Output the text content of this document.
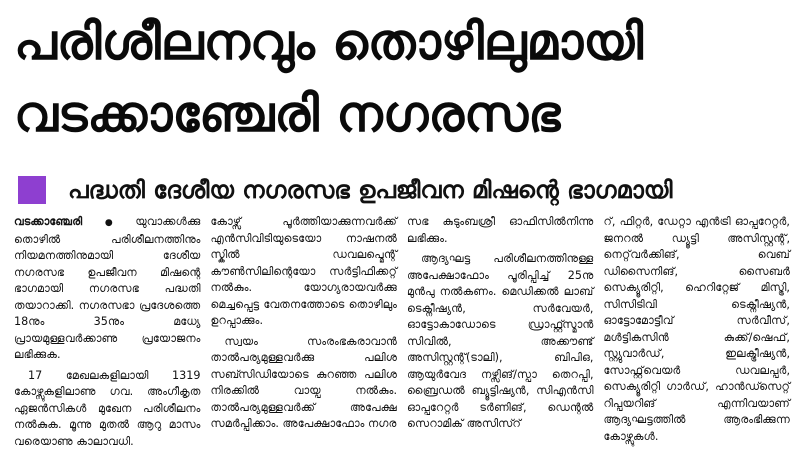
പരിശീലനവും തൊഴിലുമായി
വടക്കാഞ്ചേരി നഗരസഭ
പദ്ധതി ദേശീയ നഗരസഭ ഉപജീവന മിഷന്റെ ഭാഗമായി

വടക്കാഞ്ചേരി ● യുവാക്കൾക്കു തൊഴിൽ പരിശീലനത്തിനും നിയമനത്തിനുമായി ദേശീയ നഗരസഭ ഉപജീവന മിഷന്റെ ഭാഗമായി നഗരസഭ പദ്ധതി തയാറാക്കി. നഗരസഭാ പ്രദേശത്തെ 18നും 35നും മധ്യേ പ്രായമുള്ളവർക്കാണു പ്രയോജനം ലഭിക്കുക.

17 മേഖലകളിലായി 1319 കോഴ്സുകളിലാണു ഗവ. അംഗീകൃത ഏജൻസികൾ മുഖേന പരിശീലനം നൽകുക. മൂന്നു മുതൽ ആറു മാസം വരെയാണു കാലാവധി.

കോഴ്സ് പൂർത്തിയാക്കുന്നവർക്ക് എൻസിവിടിയുടെയോ നാഷനൽ സ്കിൽ ഡവലപ്മെന്റ് കൗൺസിലിന്റെയോ സർട്ടിഫിക്കറ്റ് നൽകും. യോഗ്യരായവർക്കു മെച്ചപ്പെട്ട വേതനത്തോടെ തൊഴിലും ഉറപ്പാക്കും.

സ്വയം സംരംഭകരാവാൻ താൽപര്യമുള്ളവർക്കു പലിശ സബ്സിഡിയോടെ കുറഞ്ഞ പലിശ നിരക്കിൽ വായ്പ നൽകും. താൽപര്യമുള്ളവർക്ക് അപേക്ഷ സമർപ്പിക്കാം. അപേക്ഷാഫോം നഗര

സഭ കുടുംബശ്രീ ഓഫിസിൽനിന്നു ലഭിക്കും.

ആദ്യഘട്ട പരിശീലനത്തിനുള്ള അപേക്ഷാഫോം പൂരിപ്പിച്ച് 25നു മുൻപു നൽകണം. മെഡിക്കൽ ലാബ് ടെക്നീഷ്യൻ, സർവേയർ, ഓട്ടോകാഡോടെ ഡ്രാഫ്റ്റ്സ്മാൻ സിവിൽ, അക്കൗണ്ട് അസിസ്റ്റന്റ്(ടാലി), ബിപിഒ, ആയുർവേദ നഴ്സിങ്/സ്പാ തെറപ്പി, ബ്രൈഡൽ ബ്യൂട്ടിഷ്യൻ, സിഎൻസി ഓപ്പറേറ്റർ ടർണിങ്, ഡെന്റൽ സെറാമിക് അസിസ്റ്

റ്, ഫിറ്റർ, ഡേറ്റാ എൻട്രി ഓപ്പറേറ്റർ, ജനറൽ ഡ്യൂട്ടി അസിസ്റ്റന്റ്, നെറ്റ്‌വർക്കിങ്, വെബ് ഡിസൈനിങ്, സൈബർ സെക്യൂരിറ്റി, ഹെറിറ്റേജ് മിസ്ട്രി, സിസിടിവി ടെക്നീഷ്യൻ, ഓട്ടോമോട്ടീവ് സർവീസ്, മൾട്ടികസിൻ കുക്ക്/ഷെഫ്, സ്റ്റ്യുവാർഡ്, ഇലക്ട്രീഷ്യൻ, സോഫ്റ്റ്‌വെയർ ഡവലപ്പർ, സെക്യൂരിറ്റി ഗാർഡ്, ഹാൻഡ്സെറ്റ് റിപ്പയറിങ് എന്നിവയാണ് ആദ്യഘട്ടത്തിൽ ആരംഭിക്കുന്ന കോഴ്സുകൾ.
